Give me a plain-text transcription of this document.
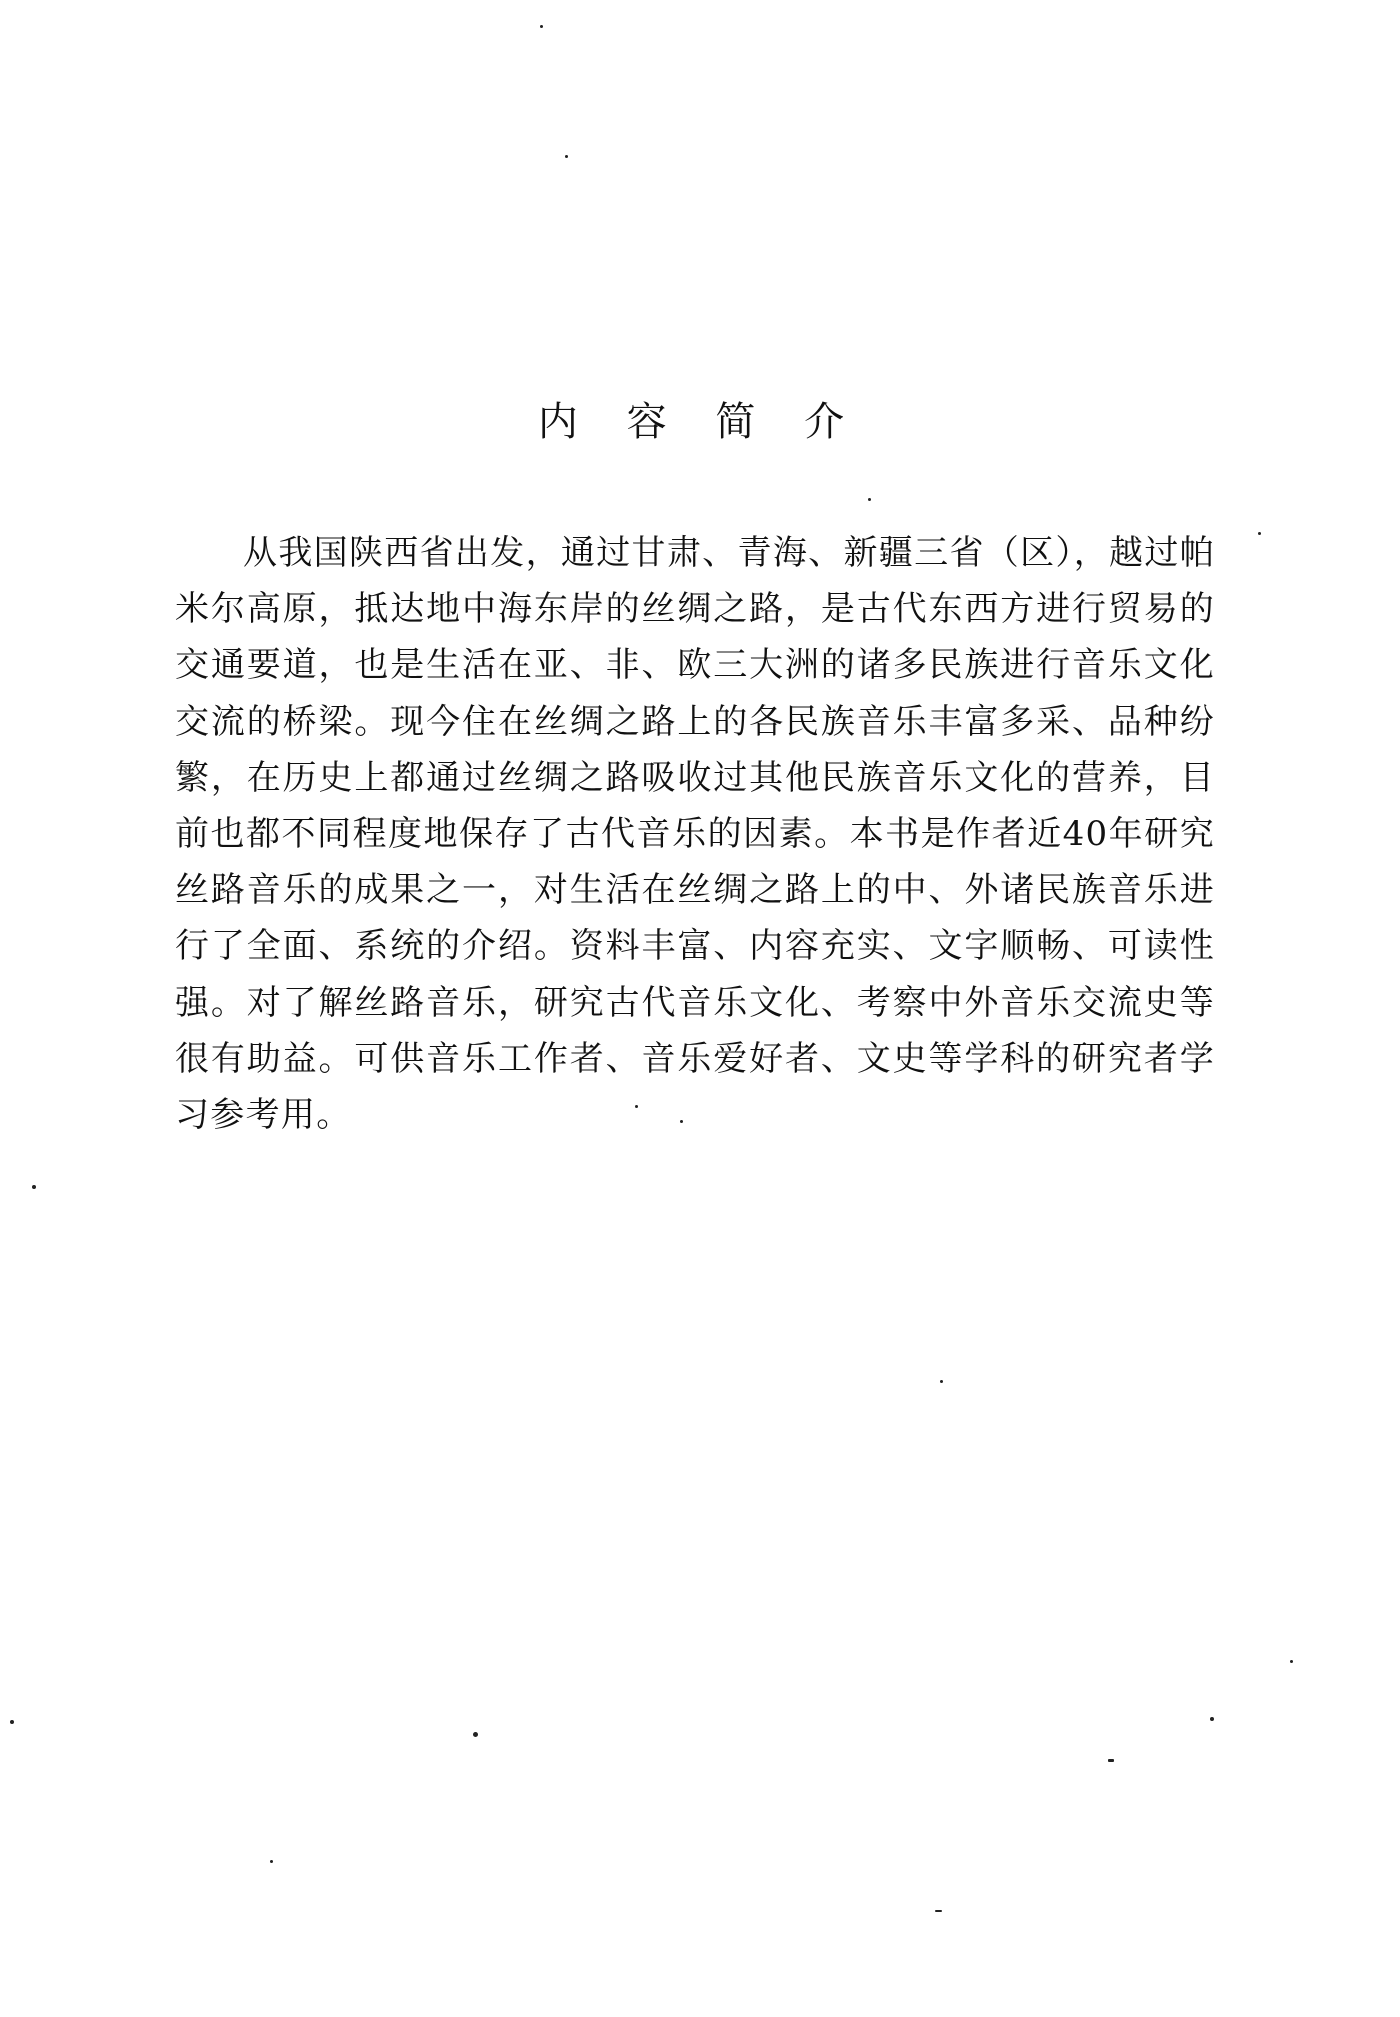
内 容 简 介

从我国陕西省出发，通过甘肃、青海、新疆三省（区），越过帕米尔高原，抵达地中海东岸的丝绸之路，是古代东西方进行贸易的交通要道，也是生活在亚、非、欧三大洲的诸多民族进行音乐文化交流的桥梁。现今住在丝绸之路上的各民族音乐丰富多采、品种纷繁，在历史上都通过丝绸之路吸收过其他民族音乐文化的营养，目前也都不同程度地保存了古代音乐的因素。本书是作者近40年研究丝路音乐的成果之一，对生活在丝绸之路上的中、外诸民族音乐进行了全面、系统的介绍。资料丰富、内容充实、文字顺畅、可读性强。对了解丝路音乐，研究古代音乐文化、考察中外音乐交流史等很有助益。可供音乐工作者、音乐爱好者、文史等学科的研究者学习参考用。
